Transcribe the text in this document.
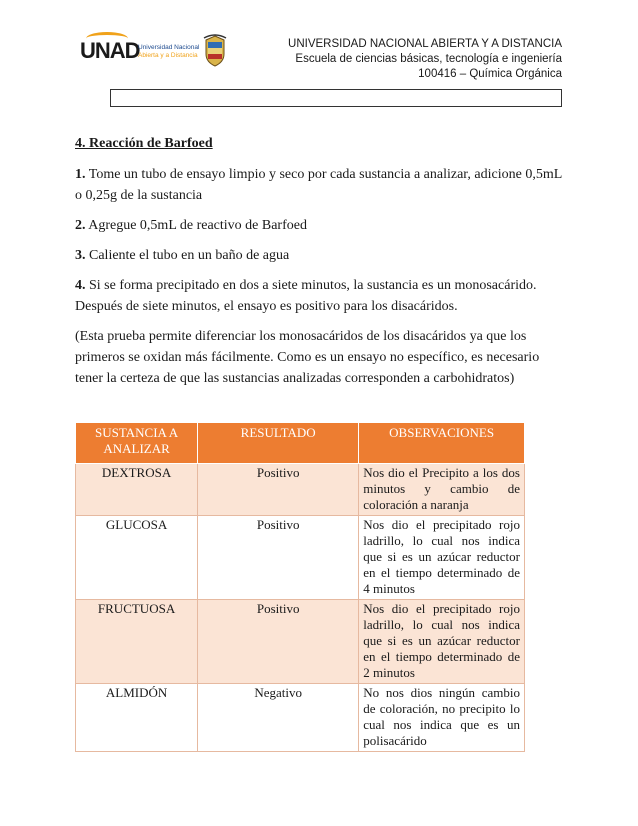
UNAD
Universidad Nacional
Abierta y a Distancia
UNIVERSIDAD NACIONAL ABIERTA Y A DISTANCIA
Escuela de ciencias básicas, tecnología e ingeniería
100416 – Química Orgánica

4. Reacción de Barfoed

1. Tome un tubo de ensayo limpio y seco por cada sustancia a analizar, adicione 0,5mL o 0,25g de la sustancia

2. Agregue 0,5mL de reactivo de Barfoed

3. Caliente el tubo en un baño de agua

4. Si se forma precipitado en dos a siete minutos, la sustancia es un monosacárido. Después de siete minutos, el ensayo es positivo para los disacáridos.

(Esta prueba permite diferenciar los monosacáridos de los disacáridos ya que los primeros se oxidan más fácilmente. Como es un ensayo no específico, es necesario tener la certeza de que las sustancias analizadas corresponden a carbohidratos)

SUSTANCIA A ANALIZAR	RESULTADO	OBSERVACIONES
DEXTROSA	Positivo	Nos dio el Precipito a los dos minutos y cambio de coloración a naranja
GLUCOSA	Positivo	Nos dio el precipitado rojo ladrillo, lo cual nos indica que si es un azúcar reductor en el tiempo determinado de 4 minutos
FRUCTUOSA	Positivo	Nos dio el precipitado rojo ladrillo, lo cual nos indica que si es un azúcar reductor en el tiempo determinado de 2 minutos
ALMIDÓN	Negativo	No nos dios ningún cambio de coloración, no precipito lo cual nos indica que es un polisacárido
